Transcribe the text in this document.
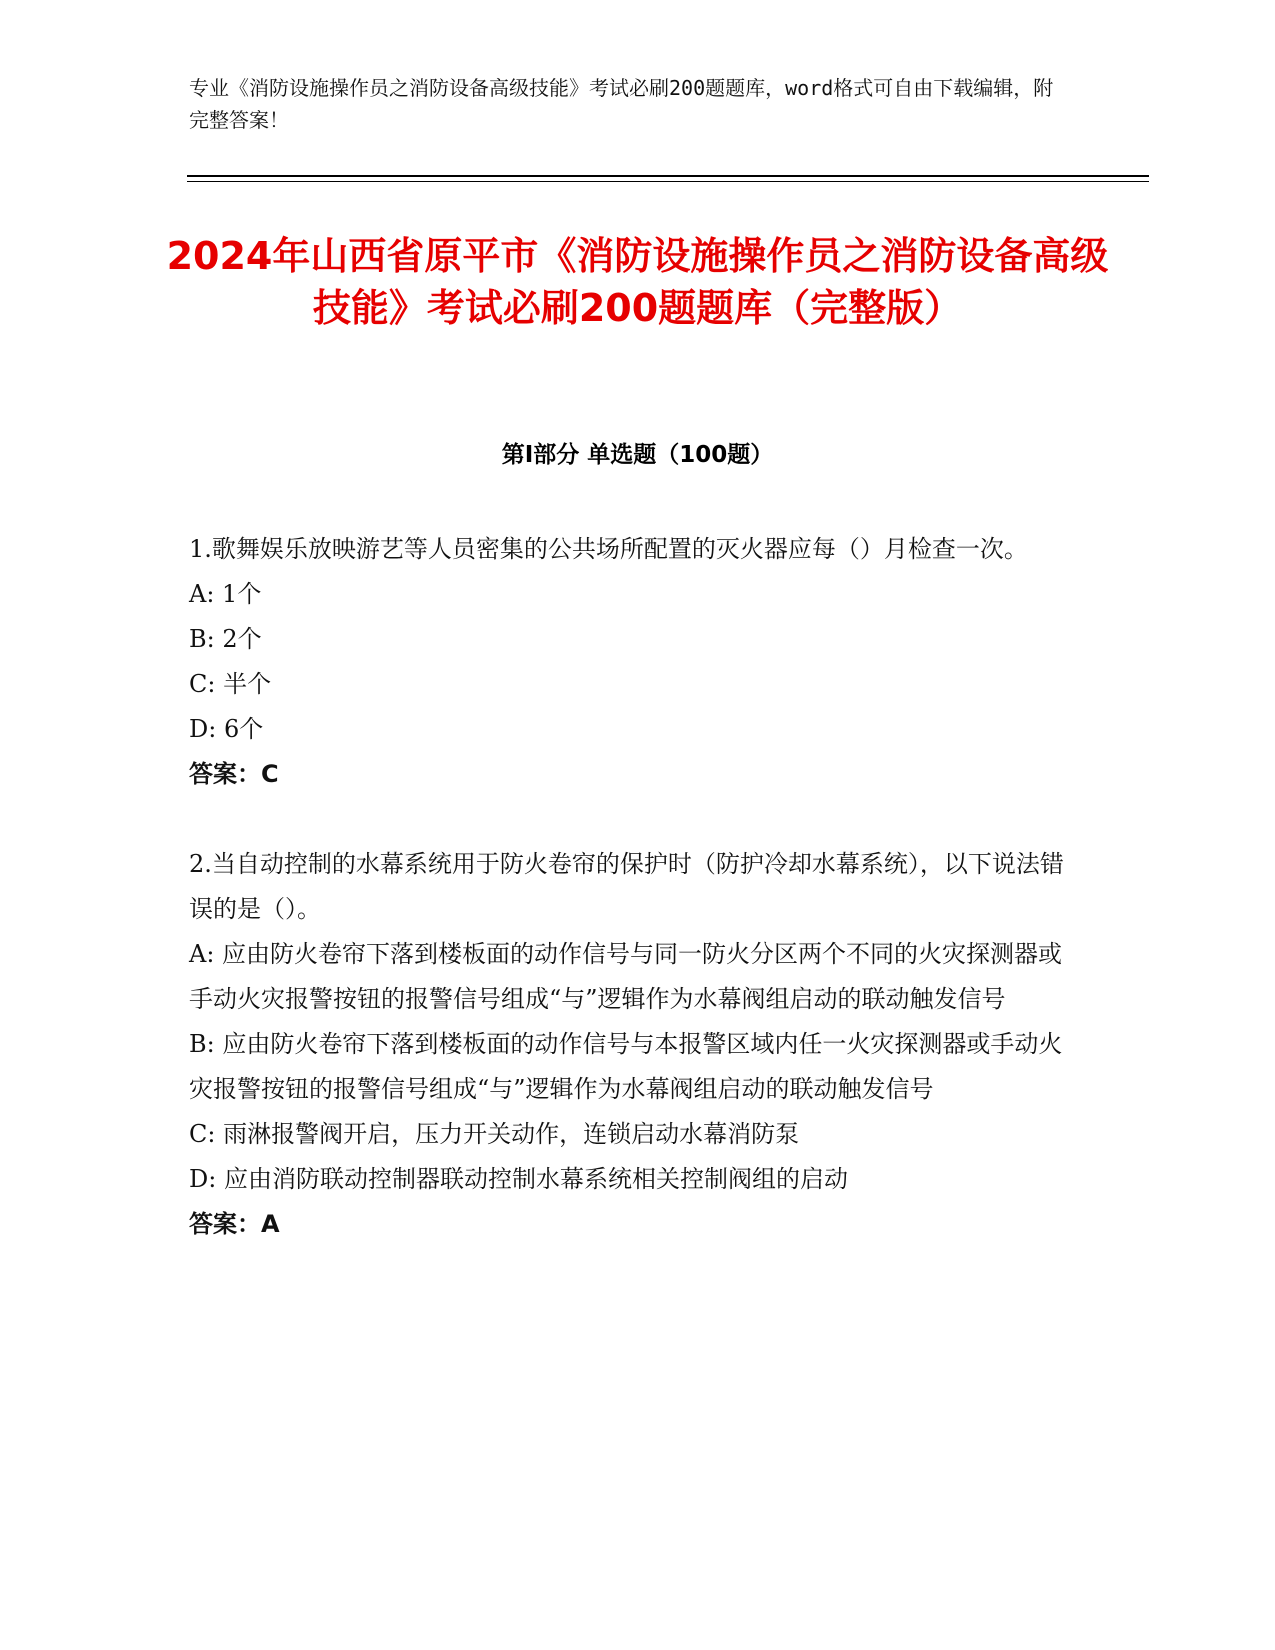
专业《消防设施操作员之消防设备高级技能》考试必刷200题题库，word格式可自由下载编辑，附完整答案！
2024年山西省原平市《消防设施操作员之消防设备高级技能》考试必刷200题题库（完整版）
第I部分 单选题（100题）

1.歌舞娱乐放映游艺等人员密集的公共场所配置的灭火器应每（）月检查一次。

A: 1个

B: 2个

C: 半个

D: 6个

答案：C

2.当自动控制的水幕系统用于防火卷帘的保护时（防护冷却水幕系统），以下说法错误的是（）。

A: 应由防火卷帘下落到楼板面的动作信号与同一防火分区两个不同的火灾探测器或手动火灾报警按钮的报警信号组成“与”逻辑作为水幕阀组启动的联动触发信号

B: 应由防火卷帘下落到楼板面的动作信号与本报警区域内任一火灾探测器或手动火灾报警按钮的报警信号组成“与”逻辑作为水幕阀组启动的联动触发信号

C: 雨淋报警阀开启，压力开关动作，连锁启动水幕消防泵

D: 应由消防联动控制器联动控制水幕系统相关控制阀组的启动

答案：A
